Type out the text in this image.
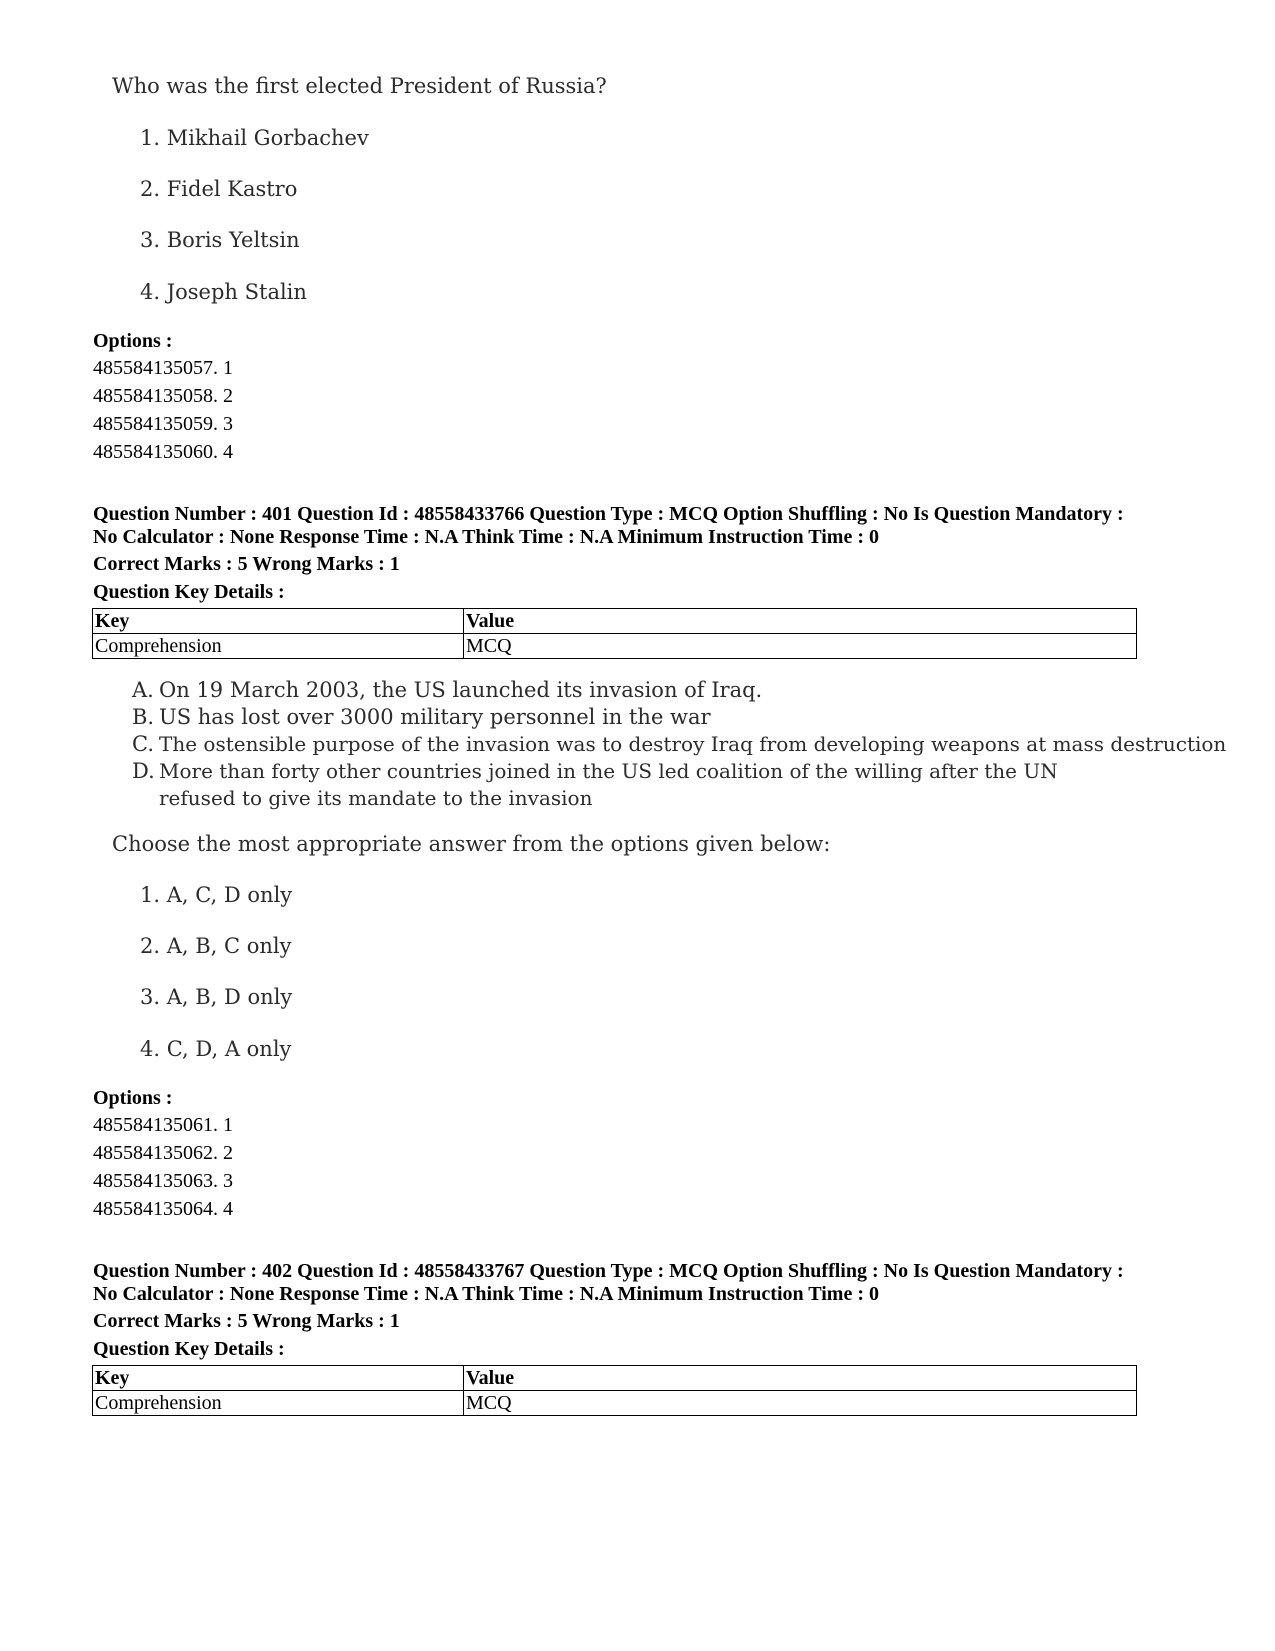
Who was the first elected President of Russia?
1. Mikhail Gorbachev
2. Fidel Kastro
3. Boris Yeltsin
4. Joseph Stalin
Options :
485584135057. 1
485584135058. 2
485584135059. 3
485584135060. 4
Question Number : 401 Question Id : 48558433766 Question Type : MCQ Option Shuffling : No Is Question Mandatory :
No Calculator : None Response Time : N.A Think Time : N.A Minimum Instruction Time : 0
Correct Marks : 5 Wrong Marks : 1
Question Key Details :
Key	Value
Comprehension	MCQ
A. On 19 March 2003, the US launched its invasion of Iraq.
B. US has lost over 3000 military personnel in the war
C. The ostensible purpose of the invasion was to destroy Iraq from developing weapons at mass destruction
D. More than forty other countries joined in the US led coalition of the willing after the UN refused to give its mandate to the invasion
Choose the most appropriate answer from the options given below:
1. A, C, D only
2. A, B, C only
3. A, B, D only
4. C, D, A only
Options :
485584135061. 1
485584135062. 2
485584135063. 3
485584135064. 4
Question Number : 402 Question Id : 48558433767 Question Type : MCQ Option Shuffling : No Is Question Mandatory :
No Calculator : None Response Time : N.A Think Time : N.A Minimum Instruction Time : 0
Correct Marks : 5 Wrong Marks : 1
Question Key Details :
Key	Value
Comprehension	MCQ
